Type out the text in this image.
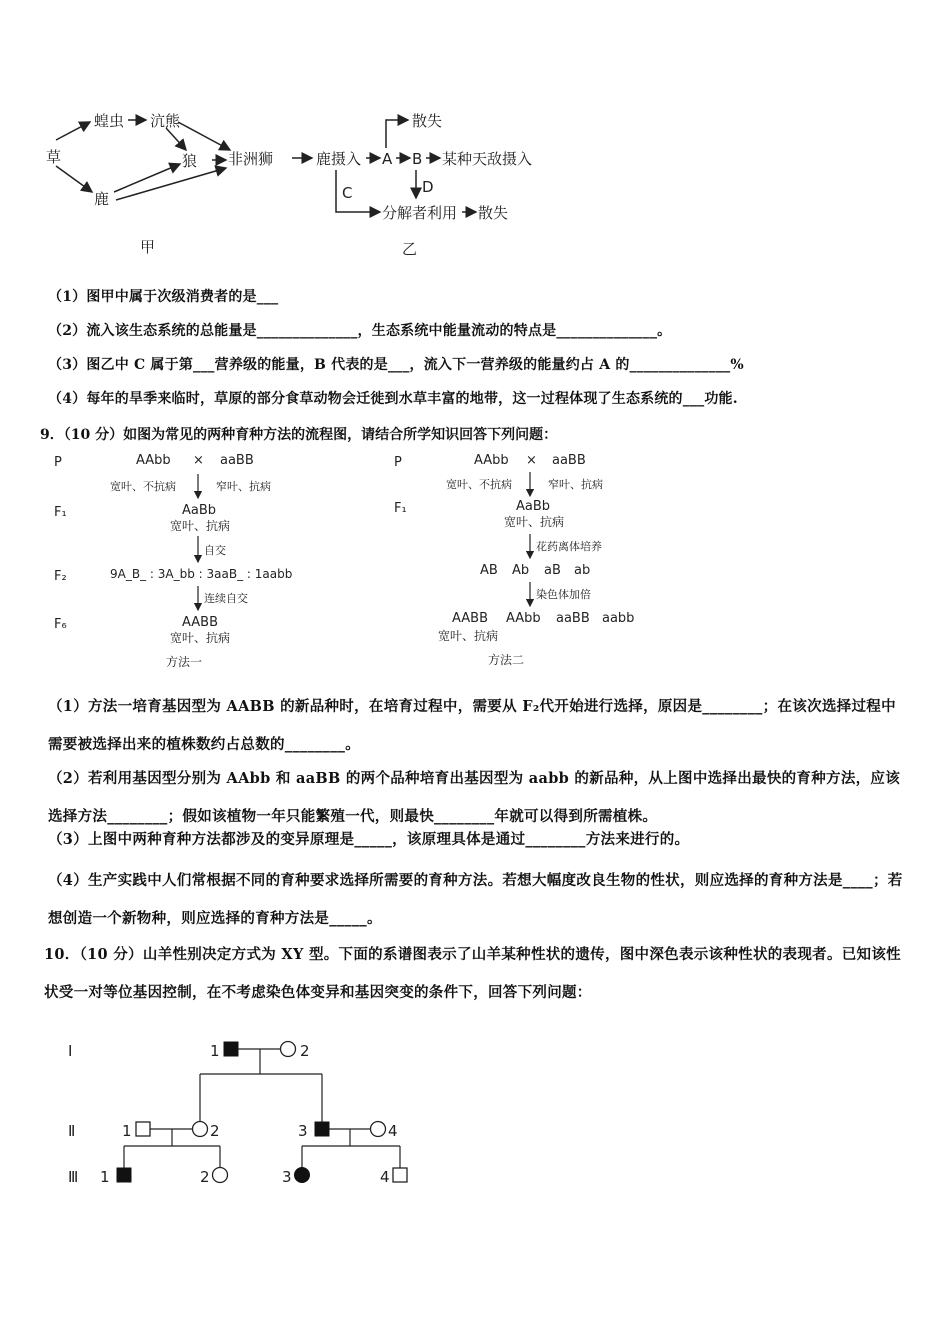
草
蝗虫 沆熊
狼 非洲狮
鹿
甲
鹿摄入 A B 某种天敌摄入
散失
D
C
分解者利用 散失
乙
（1）图甲中属于次级消费者的是___
（2）流入该生态系统的总能量是______________，生态系统中能量流动的特点是______________。
（3）图乙中 C 属于第___营养级的能量，B 代表的是___，流入下一营养级的能量约占 A 的______________%
（4）每年的旱季来临时，草原的部分食草动物会迁徙到水草丰富的地带，这一过程体现了生态系统的___功能.
9．（10 分）如图为常见的两种育种方法的流程图，请结合所学知识回答下列问题：
P	AAbb × aaBB
宽叶、不抗病	窄叶、抗病
F₁	AaBb
宽叶、抗病
自交
F₂	9A_B_ : 3A_bb : 3aaB_ : 1aabb
连续自交
F₆	AABB
宽叶、抗病
方法一
P	AAbb × aaBB
宽叶、不抗病	窄叶、抗病
F₁	AaBb
宽叶、抗病
花药离体培养
AB Ab aB ab
染色体加倍
AABB AAbb aaBB aabb
宽叶、抗病
方法二
（1）方法一培育基因型为 AABB 的新品种时，在培育过程中，需要从 F₂代开始进行选择，原因是________；在该次选择过程中需要被选择出来的植株数约占总数的________。
（2）若利用基因型分别为 AAbb 和 aaBB 的两个品种培育出基因型为 aabb 的新品种，从上图中选择出最快的育种方法，应该选择方法________；假如该植物一年只能繁殖一代，则最快________年就可以得到所需植株。
（3）上图中两种育种方法都涉及的变异原理是_____，该原理具体是通过________方法来进行的。
（4）生产实践中人们常根据不同的育种要求选择所需要的育种方法。若想大幅度改良生物的性状，则应选择的育种方法是____；若想创造一个新物种，则应选择的育种方法是_____。
10．（10 分）山羊性别决定方式为 XY 型。下面的系谱图表示了山羊某种性状的遗传，图中深色表示该种性状的表现者。已知该性状受一对等位基因控制，在不考虑染色体变异和基因突变的条件下，回答下列问题：
Ⅰ
Ⅱ
Ⅲ
1	2
1	2	3	4
1	2	3	4
